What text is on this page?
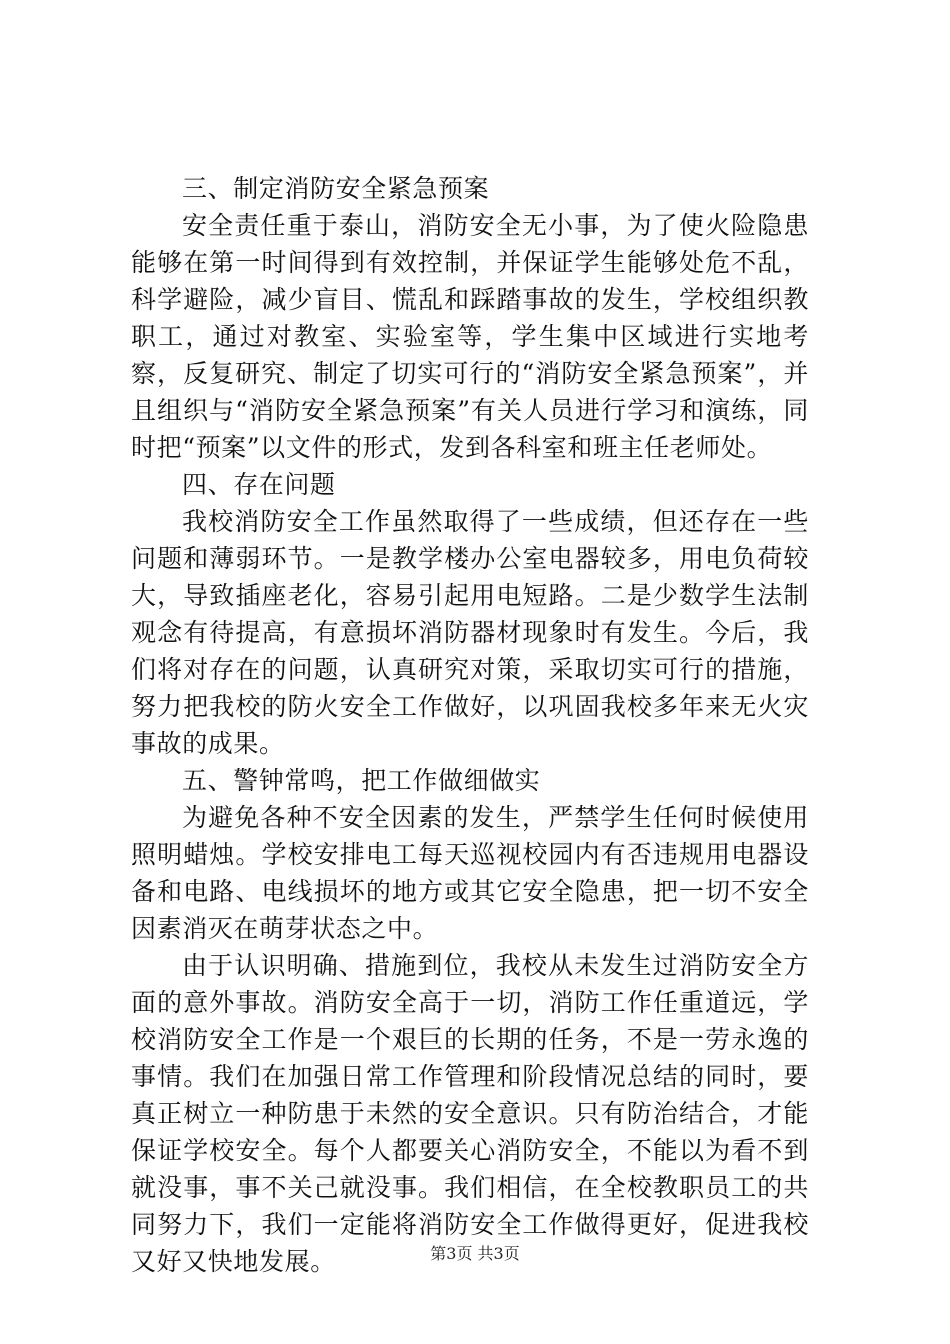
三、制定消防安全紧急预案

安全责任重于泰山，消防安全无小事，为了使火险隐患能够在第一时间得到有效控制，并保证学生能够处危不乱，科学避险，减少盲目、慌乱和踩踏事故的发生，学校组织教职工，通过对教室、实验室等，学生集中区域进行实地考察，反复研究、制定了切实可行的“消防安全紧急预案”，并且组织与“消防安全紧急预案”有关人员进行学习和演练，同时把“预案”以文件的形式，发到各科室和班主任老师处。

四、存在问题

我校消防安全工作虽然取得了一些成绩，但还存在一些问题和薄弱环节。一是教学楼办公室电器较多，用电负荷较大，导致插座老化，容易引起用电短路。二是少数学生法制观念有待提高，有意损坏消防器材现象时有发生。今后，我们将对存在的问题，认真研究对策，采取切实可行的措施，努力把我校的防火安全工作做好，以巩固我校多年来无火灾事故的成果。

五、警钟常鸣，把工作做细做实

为避免各种不安全因素的发生，严禁学生任何时候使用照明蜡烛。学校安排电工每天巡视校园内有否违规用电器设备和电路、电线损坏的地方或其它安全隐患，把一切不安全因素消灭在萌芽状态之中。

由于认识明确、措施到位，我校从未发生过消防安全方面的意外事故。消防安全高于一切，消防工作任重道远，学校消防安全工作是一个艰巨的长期的任务，不是一劳永逸的事情。我们在加强日常工作管理和阶段情况总结的同时，要真正树立一种防患于未然的安全意识。只有防治结合，才能保证学校安全。每个人都要关心消防安全，不能以为看不到就没事，事不关己就没事。我们相信，在全校教职员工的共同努力下，我们一定能将消防安全工作做得更好，促进我校又好又快地发展。	第3页 共3页
